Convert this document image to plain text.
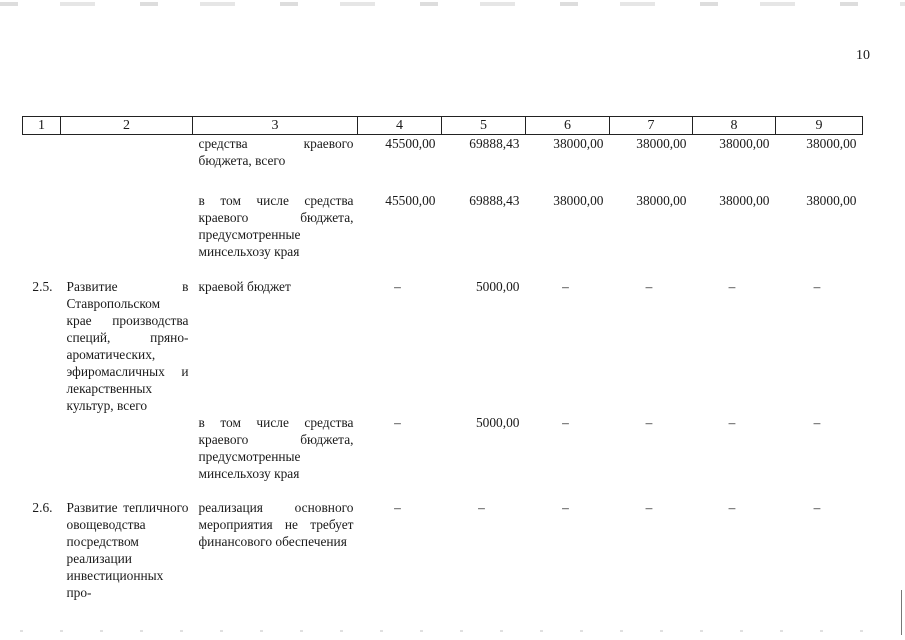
10
1	2	3	4	5	6	7	8	9
		средства краевого бюджета, всего	45500,00	69888,43	38000,00	38000,00	38000,00	38000,00
		в том числе средства краевого бюджета, предусмотренные минсельхозу края	45500,00	69888,43	38000,00	38000,00	38000,00	38000,00
2.5.	Развитие в Ставропольском крае производства специй, пряно-ароматических, эфиромасличных и лекарственных культур, всего	краевой бюджет	–	5000,00	–	–	–	–
		в том числе средства краевого бюджета, предусмотренные минсельхозу края	–	5000,00	–	–	–	–
2.6.	Развитие тепличного овощеводства посредством реализации инвестиционных про-	реализация основного мероприятия не требует финансового обеспечения	–	–	–	–	–	–
